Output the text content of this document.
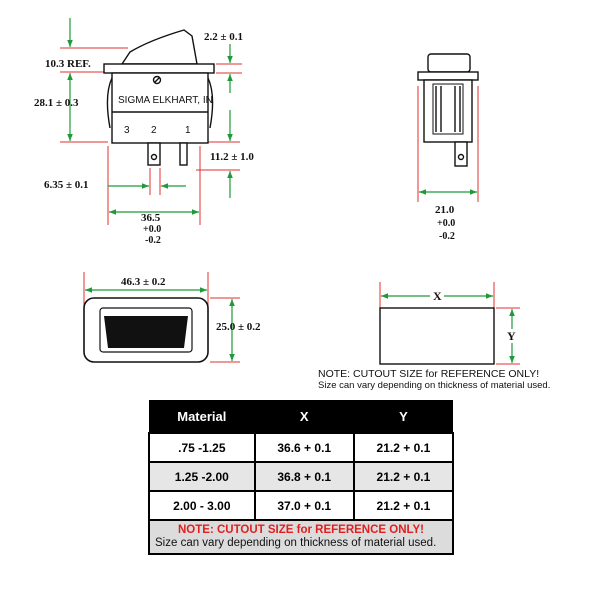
SIGMA ELKHART, IN
3 2	1
10.3 REF.
28.1 ± 0.3
2.2 ± 0.1
11.2 ± 1.0
6.35 ± 0.1
36.5
+0.0
-0.2
21.0
+0.0
-0.2
46.3 ± 0.2
25.0 ± 0.2
X
Y
NOTE: CUTOUT SIZE for REFERENCE ONLY!
Size can vary depending on thickness of material used.
Material	X	Y
.75 -1.25	36.6 + 0.1	21.2 + 0.1
1.25 -2.00	36.8 + 0.1	21.2 + 0.1
2.00 - 3.00	37.0 + 0.1	21.2 + 0.1

NOTE: CUTOUT SIZE for REFERENCE ONLY!
Size can vary depending on thickness of material used.		
